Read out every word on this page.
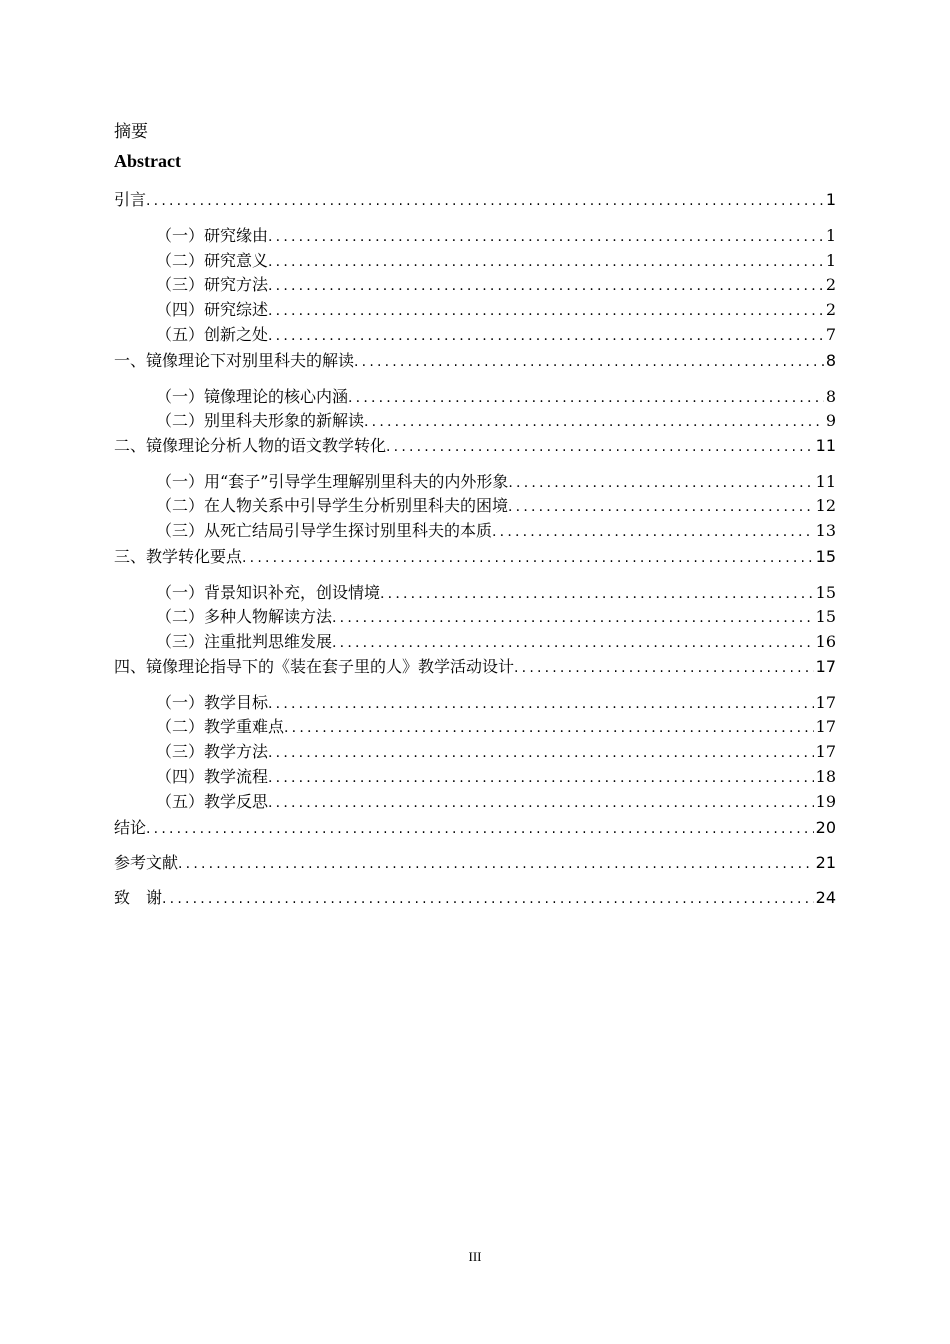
摘要
Abstract
引言 .....	1
（一） 研究缘由 .....	1
（二） 研究意义 .....	1
（三） 研究方法 .....	2
（四） 研究综述 .....	2
（五） 创新之处 .....	7
一、 镜像理论下对别里科夫的解读 .....	8
（一） 镜像理论的核心内涵 .....	8
（二） 别里科夫形象的新解读 .....	9
二、 镜像理论分析人物的语文教学转化 .....	11
（一） 用“套子”引导学生理解别里科夫的内外形象 .....	11
（二） 在人物关系中引导学生分析别里科夫的困境 .....	12
（三） 从死亡结局引导学生探讨别里科夫的本质 .....	13
三、 教学转化要点 .....	15
（一） 背景知识补充，创设情境 .....	15
（二） 多种人物解读方法 .....	15
（三） 注重批判思维发展 .....	16
四、 镜像理论指导下的《装在套子里的人》教学活动设计 .....	17
（一） 教学目标 .....	17
（二） 教学重难点 .....	17
（三） 教学方法 .....	17
（四） 教学流程 .....	18
（五） 教学反思 .....	19
结论 .....	20
参考文献 .....	21
致　谢 .....	24
III
